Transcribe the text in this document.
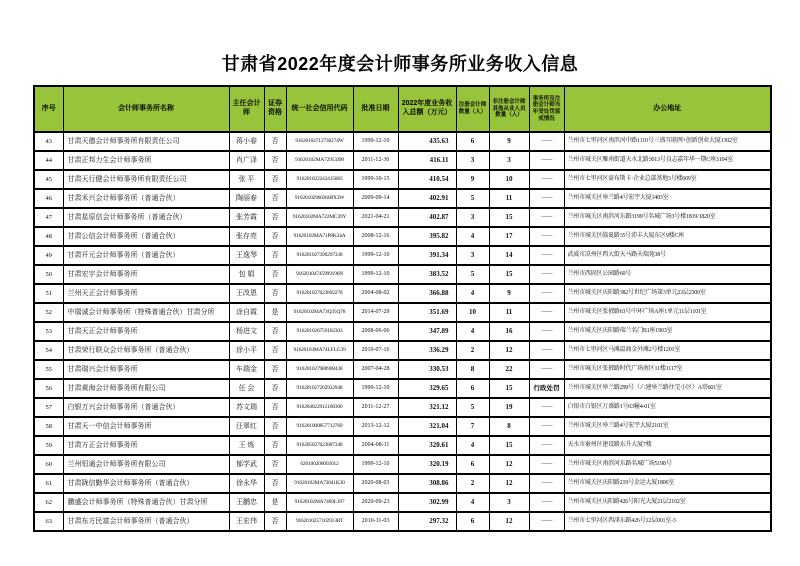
甘肃省2022年度会计师事务所业务收入信息
序号	会计师事务所名称	主任会计师	证券资格	统一社会信用代码	批准日期	2022年度业务收入总额（万元）	注册会计师数量（人）	非注册会计师其他从业人员数量（人）	事务所及注册会计师当年受处罚惩戒情况	办公地址
43	甘肃天德会计师事务所有限责任公司	蒋小春	否	91620102712738274W	1999-12-10	435.63	6	9	——	兰州市七里河区南滨河中路1110号三盛互联网+创新创业大厦1302室
44	甘肃正邦力生会计师事务所	肖广泽	否	91620102MA72953J98	2011-12-30	416.11	3	3	——	兰州市城关区雁南街道天水北路3013号良志嘉年华一期C座3104室
45	甘肃天行健会计师事务所有限责任公司	张 平	否	916201022243415083	1999-10-15	410.54	9	10	——	兰州市七里河区豪布斯卡·企业总部基地3号楼609室
46	甘肃禾兴会计师事务所（普通合伙）	陶丽春	否	916201029603608X3W	2009-09-14	402.91	5	11	——	兰州市城关区皋兰路4号宏宇大厦1403室
47	甘肃星原信会计师事务所（普通合伙）	张芳霞	否	91620102MA722MC39Y	2021-04-21	402.87	3	15	——	兰州市城关区南滨河东路3199号名城广场3号楼1819/1820室
48	甘肃公信会计师事务所（普通合伙）	张存亮	否	91620102MA71P8K34A	2008-12-16	395.82	4	17	——	兰州市城关区临夏路35号沛丰大厦东区9楼C座
49	甘肃开元会计师事务所（普通合伙）	王逸琴	否	916201027390297338	1999-12-10	391.34	3	14	——	武威市凉州区西大街天马路天瑞苑38号
50	甘肃宏宇会计师事务所	包 娟	否	91620104745999196N	1999-12-10	383.52	5	15	——	兰州市西固区公园路60号
51	兰州天正会计师事务所	王改恩	否	916201027623892278	2004-08-02	366.88	4	9	——	兰州市城关区庆阳路382号世纪广场第3单元23层2300室
52	中瑞诚会计师事务所（特殊普通合伙）甘肃分所	涂自霞	是	91620102MA73Q35Q78	2014-07-29	351.69	10	11	——	兰州市城关区张掖路63号中环广场A座1单元11层1101室
53	甘肃天正会计师事务所	杨进文	否	916201026759162303	2008-06-06	347.89	4	16	——	兰州市城关区庆阳路瑞兰名门B1座1903室
54	甘肃荣行联众会计师事务所（普通合伙）	徐小平	否	91620103MA74LFLG39	2010-07-16	336.29	2	12	——	兰州市七里河区马滩温商金外滩2号楼1201室
55	甘肃瑞兴会计师事务所	车瑞金	否	916201027988908438	2007-04-28	330.53	8	22	——	兰州市城关区张掖路时代广场南区11楼1117室
56	甘肃黄海会计师事务所有限公司	任 会	否	916201027202932948	1999-12-10	329.65	6	15	行政处罚	兰州市城关区皋兰路299号（六建皋兰路住宅小区）A塔601室
57	白银万兴会计师事务所（普通合伙）	苏文瑞	否	916204022912168300	2011-12-27	321.12	5	19	——	白银市白银区万盛路1号03幢4-01室
58	甘肃天一中信会计师事务所	汪翠红	否	916201000857712769	2013-12-12	321.04	7	8	——	兰州市城关区皋兰路4号宏宇大厦2101室
59	甘肃方正会计师事务所	王 炼	否	916205027623887348	2004-08-11	320.61	4	15	——	天水市秦州区建设路东升大厦7楼
60	兰州恒通会计师事务所有限公司	郁学武	否	620100200003012	1999-12-10	320.19	6	12	——	兰州市城关区南滨河东路名城广场5198号
61	甘肃陇信勤华会计师事务所（普通合伙）	徐永华	否	91620102MA73041K30	2020-08-03	308.86	2	12	——	兰州市城关区庆阳路219号金运大厦1806室
62	鹏盛会计师事务所（特殊普通合伙）甘肃分所	王鹏忠	是	91620102MA7489L397	2020-09-23	302.99	4	3	——	兰州市城关区庆阳路426号阳光大厦21层2102室
63	甘肃东方民富会计师事务所（普通合伙）	王宏伟	否	9162010257102913RT	2010-11-03	297.32	6	12	——	兰州市七里河区西津东路426号12层001室-3
